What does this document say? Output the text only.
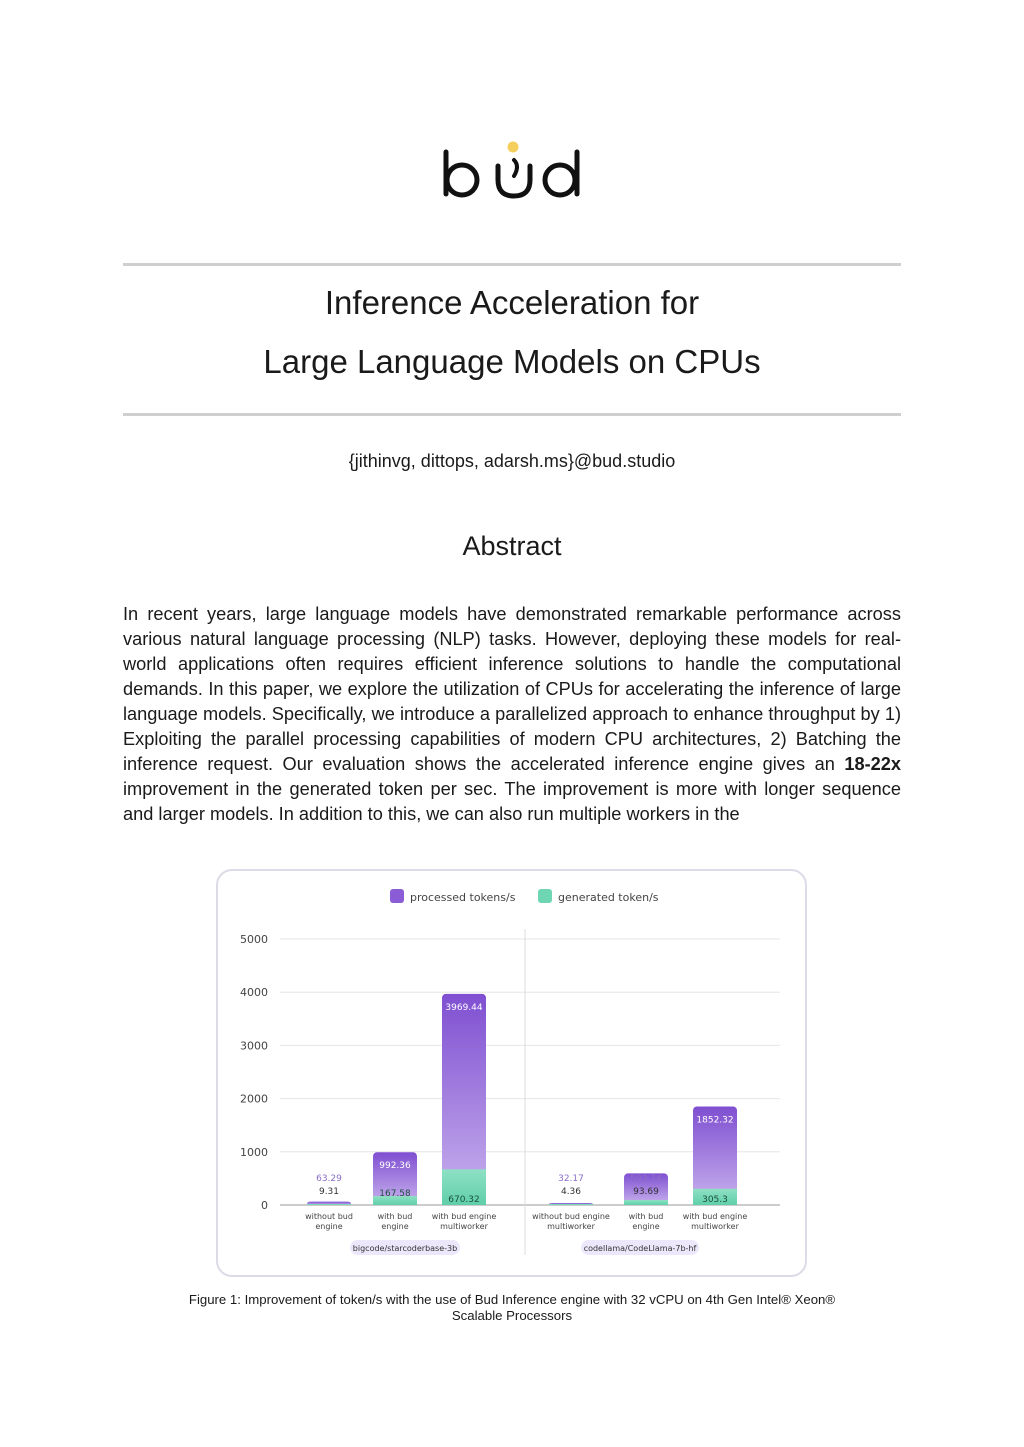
Inference Acceleration for
Large Language Models on CPUs
{jithinvg, dittops, adarsh.ms}@bud.studio
Abstract

In recent years, large language models have demonstrated remarkable performance across various natural language processing (NLP) tasks. However, deploying these models for real-world applications often requires efficient inference solutions to handle the computational demands. In this paper, we explore the utilization of CPUs for accelerating the inference of large language models. Specifically, we introduce a parallelized approach to enhance throughput by 1) Exploiting the parallel processing capabilities of modern CPU architectures, 2) Batching the inference request. Our evaluation shows the accelerated inference engine gives an 18-22x improvement in the generated token per sec. The improvement is more with longer sequence and larger models. In addition to this, we can also run multiple workers in the

processed tokens/s	generated token/s
0
1000
2000
3000
4000
5000
63.29
9.31
992.36
167.58
3969.44
670.32
32.17
4.36
593.74
93.69
1852.32
305.3
without bud engine
with bud engine
with bud engine multiworker
without bud engine multiworker
with bud engine
with bud engine multiworker
bigcode/starcoderbase-3b	codellama/CodeLlama-7b-hf
Figure 1: Improvement of token/s with the use of Bud Inference engine with 32 vCPU on 4th Gen Intel® Xeon® Scalable Processors
